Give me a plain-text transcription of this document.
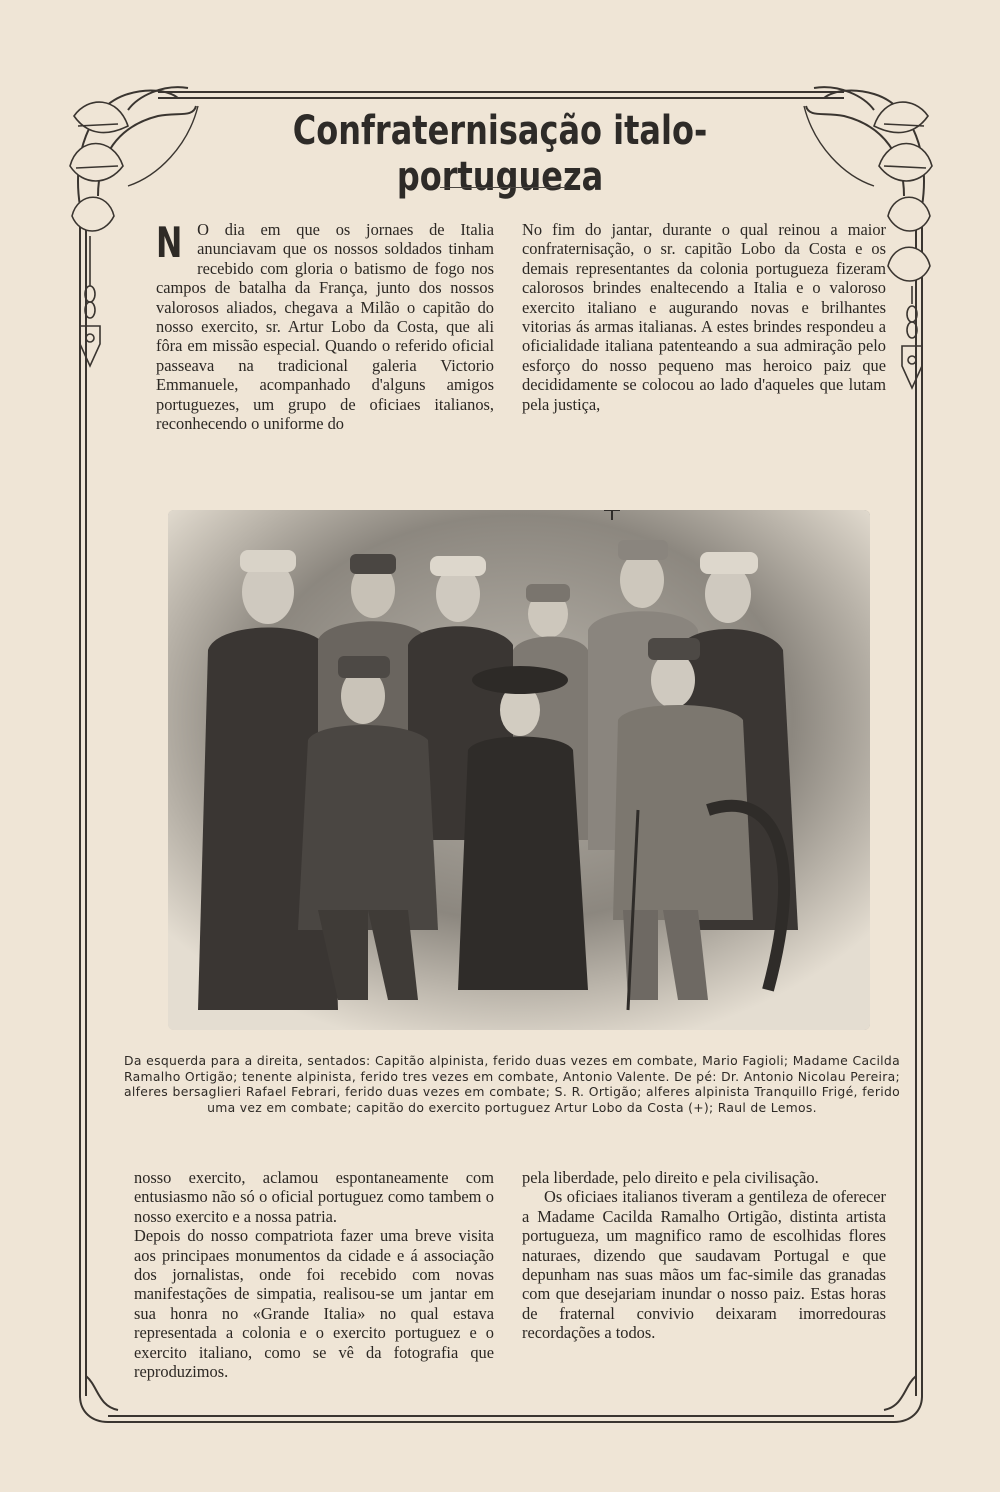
Confraternisação italo-portugueza
N O dia em que os jornaes de Italia anunciavam que os nossos soldados tinham recebido com gloria o batismo de fogo nos campos de batalha da França, junto dos nossos valorosos aliados, chegava a Milão o capitão do nosso exercito, sr. Artur Lobo da Costa, que ali fôra em missão especial. Quando o referido oficial passeava na tradicional galeria Victorio Emmanuele, acompanhado d'alguns amigos portuguezes, um grupo de oficiaes italianos, reconhecendo o uniforme do
No fim do jantar, durante o qual reinou a maior confraternisação, o sr. capitão Lobo da Costa e os demais representantes da colonia portugueza fizeram calorosos brindes enaltecendo a Italia e o valoroso exercito italiano e augurando novas e brilhantes vitorias ás armas italianas. A estes brindes respondeu a oficialidade italiana patenteando a sua admiração pelo esforço do nosso pequeno mas heroico paiz que decididamente se colocou ao lado d'aqueles que lutam pela justiça,

Da esquerda para a direita, sentados: Capitão alpinista, ferido duas vezes em combate, Mario Fagioli; Madame Cacilda Ramalho Ortigão; tenente alpinista, ferido tres vezes em combate, Antonio Valente. De pé: Dr. Antonio Nicolau Pereira; alferes bersaglieri Rafael Febrari, ferido duas vezes em combate; S. R. Ortigão; alferes alpinista Tranquillo Frigé, ferido uma vez em combate; capitão do exercito portuguez Artur Lobo da Costa (+); Raul de Lemos.

nosso exercito, aclamou espontaneamente com entusiasmo não só o oficial portuguez como tambem o nosso exercito e a nossa patria.

Depois do nosso compatriota fazer uma breve visita aos principaes monumentos da cidade e á associação dos jornalistas, onde foi recebido com novas manifestações de simpatia, realisou-se um jantar em sua honra no «Grande Italia» no qual estava representada a colonia e o exercito portuguez e o exercito italiano, como se vê da fotografia que reproduzimos.

pela liberdade, pelo direito e pela civilisação.

Os oficiaes italianos tiveram a gentileza de oferecer a Madame Cacilda Ramalho Ortigão, distinta artista portugueza, um magnifico ramo de escolhidas flores naturaes, dizendo que saudavam Portugal e que depunham nas suas mãos um fac-simile das granadas com que desejariam inundar o nosso paiz. Estas horas de fraternal convivio deixaram imorredouras recordações a todos.
